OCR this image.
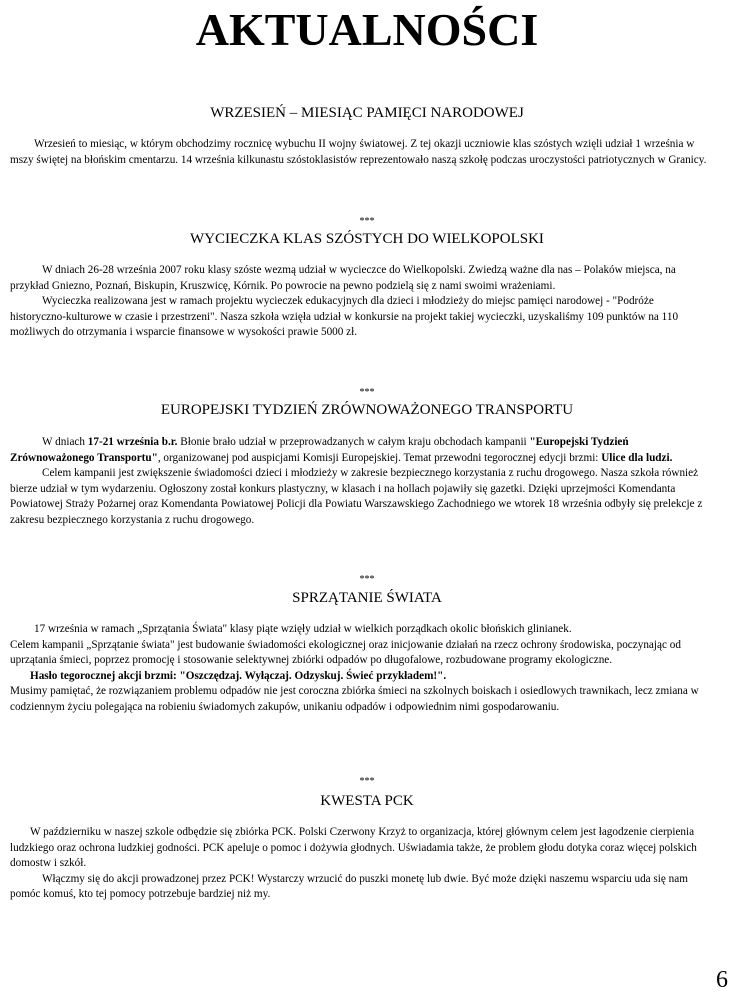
AKTUALNOŚCI
WRZESIEŃ – MIESIĄC PAMIĘCI NARODOWEJ

Wrzesień to miesiąc, w którym obchodzimy rocznicę wybuchu II wojny światowej. Z tej okazji uczniowie klas szóstych wzięli udział 1 września w mszy świętej na błońskim cmentarzu. 14 września kilkunastu szóstoklasistów reprezentowało naszą szkołę podczas uroczystości patriotycznych w Granicy.

***
WYCIECZKA KLAS SZÓSTYCH DO WIELKOPOLSKI

W dniach 26-28 września 2007 roku klasy szóste wezmą udział w wycieczce do Wielkopolski. Zwiedzą ważne dla nas – Polaków miejsca, na przykład Gniezno, Poznań, Biskupin, Kruszwicę, Kórnik. Po powrocie na pewno podzielą się z nami swoimi wrażeniami.

Wycieczka realizowana jest w ramach projektu wycieczek edukacyjnych dla dzieci i młodzieży do miejsc pamięci narodowej - "Podróże historyczno-kulturowe w czasie i przestrzeni". Nasza szkoła wzięła udział w konkursie na projekt takiej wycieczki, uzyskaliśmy 109 punktów na 110 możliwych do otrzymania i wsparcie finansowe w wysokości prawie 5000 zł.

***
EUROPEJSKI TYDZIEŃ ZRÓWNOWAŻONEGO TRANSPORTU

W dniach 17-21 września b.r. Błonie brało udział w przeprowadzanych w całym kraju obchodach kampanii "Europejski Tydzień Zrównoważonego Transportu", organizowanej pod auspicjami Komisji Europejskiej. Temat przewodni tegorocznej edycji brzmi: Ulice dla ludzi.

Celem kampanii jest zwiększenie świadomości dzieci i młodzieży w zakresie bezpiecznego korzystania z ruchu drogowego. Nasza szkoła również bierze udział w tym wydarzeniu. Ogłoszony został konkurs plastyczny, w klasach i na hollach pojawiły się gazetki. Dzięki uprzejmości Komendanta Powiatowej Straży Pożarnej oraz Komendanta Powiatowej Policji dla Powiatu Warszawskiego Zachodniego we wtorek 18 września odbyły się prelekcje z zakresu bezpiecznego korzystania z ruchu drogowego.

***
SPRZĄTANIE ŚWIATA

17 września w ramach „Sprzątania Świata" klasy piąte wzięły udział w wielkich porządkach okolic błońskich glinianek.

Celem kampanii „Sprzątanie świata" jest budowanie świadomości ekologicznej oraz inicjowanie działań na rzecz ochrony środowiska, poczynając od uprzątania śmieci, poprzez promocję i stosowanie selektywnej zbiórki odpadów po długofalowe, rozbudowane programy ekologiczne.

Hasło tegorocznej akcji brzmi: "Oszczędzaj. Wyłączaj. Odzyskuj. Świeć przykładem!".

Musimy pamiętać, że rozwiązaniem problemu odpadów nie jest coroczna zbiórka śmieci na szkolnych boiskach i osiedlowych trawnikach, lecz zmiana w codziennym życiu polegająca na robieniu świadomych zakupów, unikaniu odpadów i odpowiednim nimi gospodarowaniu.

***
KWESTA PCK

W październiku w naszej szkole odbędzie się zbiórka PCK. Polski Czerwony Krzyż to organizacja, której głównym celem jest łagodzenie cierpienia ludzkiego oraz ochrona ludzkiej godności. PCK apeluje o pomoc i dożywia głodnych. Uświadamia także, że problem głodu dotyka coraz więcej polskich domostw i szkół.

Włączmy się do akcji prowadzonej przez PCK! Wystarczy wrzucić do puszki monetę lub dwie. Być może dzięki naszemu wsparciu uda się nam pomóc komuś, kto tej pomocy potrzebuje bardziej niż my.

6
